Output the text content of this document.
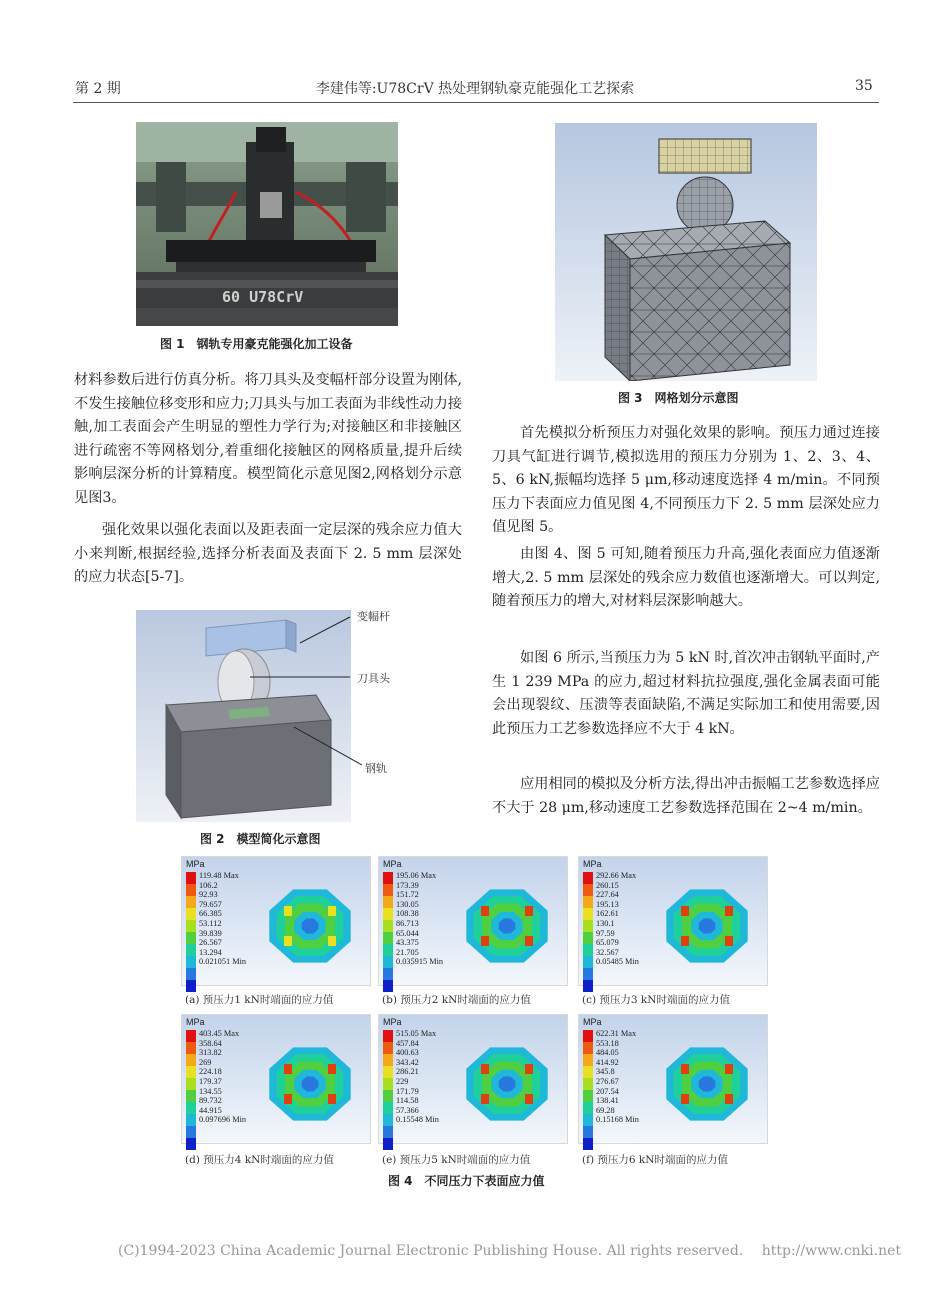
第 2 期	李建伟等:U78CrV 热处理钢轨豪克能强化工艺探索	35
60 U78CrV
图 1　钢轨专用豪克能强化加工设备

材料参数后进行仿真分析。将刀具头及变幅杆部分设置为刚体,不发生接触位移变形和应力;刀具头与加工表面为非线性动力接触,加工表面会产生明显的塑性力学行为;对接触区和非接触区进行疏密不等网格划分,着重细化接触区的网格质量,提升后续影响层深分析的计算精度。模型简化示意见图2,网格划分示意见图3。

强化效果以强化表面以及距表面一定层深的残余应力值大小来判断,根据经验,选择分析表面及表面下 2. 5 mm 层深处的应力状态[5-7]。

变幅杆
刀具头
钢轨
图 2　模型简化示意图
图 3　网格划分示意图

首先模拟分析预压力对强化效果的影响。预压力通过连接刀具气缸进行调节,模拟选用的预压力分别为 1、2、3、4、5、6 kN,振幅均选择 5 μm,移动速度选择 4 m/min。不同预压力下表面应力值见图 4,不同预压力下 2. 5 mm 层深处应力值见图 5。

由图 4、图 5 可知,随着预压力升高,强化表面应力值逐渐增大,2. 5 mm 层深处的残余应力数值也逐渐增大。可以判定,随着预压力的增大,对材料层深影响越大。

如图 6 所示,当预压力为 5 kN 时,首次冲击钢轨平面时,产生 1 239 MPa 的应力,超过材料抗拉强度,强化金属表面可能会出现裂纹、压溃等表面缺陷,不满足实际加工和使用需要,因此预压力工艺参数选择应不大于 4 kN。

应用相同的模拟及分析方法,得出冲击振幅工艺参数选择应不大于 28 μm,移动速度工艺参数选择范围在 2~4 m/min。

MPa
119.48 Max
106.2
92.93
79.657
66.385
53.112
39.839
26.567
13.294
0.021051 Min
(a) 预压力1 kN时端面的应力值
MPa
195.06 Max
173.39
151.72
130.05
108.38
86.713
65.044
43.375
21.705
0.035915 Min
(b) 预压力2 kN时端面的应力值
MPa
292.66 Max
260.15
227.64
195.13
162.61
130.1
97.59
65.079
32.567
0.05485 Min
(c) 预压力3 kN时端面的应力值
MPa
403.45 Max
358.64
313.82
269
224.18
179.37
134.55
89.732
44.915
0.097696 Min
(d) 预压力4 kN时端面的应力值
MPa
515.05 Max
457.84
400.63
343.42
286.21
229
171.79
114.58
57.366
0.15548 Min
(e) 预压力5 kN时端面的应力值
MPa
622.31 Max
553.18
484.05
414.92
345.8
276.67
207.54
138.41
69.28
0.15168 Min
(f) 预压力6 kN时端面的应力值
图 4　不同压力下表面应力值
(C)1994-2023 China Academic Journal Electronic Publishing House. All rights reserved. http://www.cnki.net
